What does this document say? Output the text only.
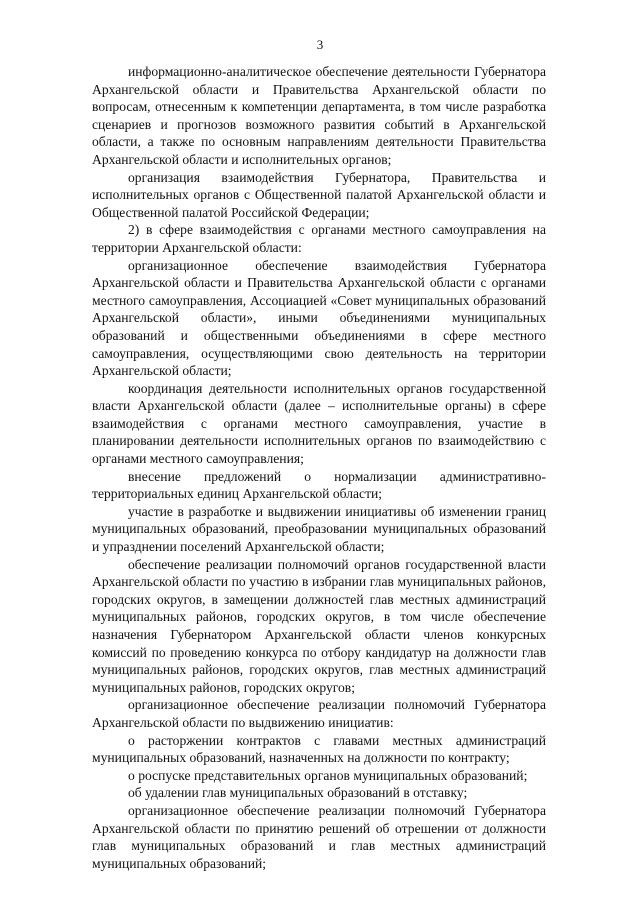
3

информационно-аналитическое обеспечение деятельности Губернатора Архангельской области и Правительства Архангельской области по вопросам, отнесенным к компетенции департамента, в том числе разработка сценариев и прогнозов возможного развития событий в Архангельской области, а также по основным направлениям деятельности Правительства Архангельской области и исполнительных органов;

организация взаимодействия Губернатора, Правительства и исполнительных органов с Общественной палатой Архангельской области и Общественной палатой Российской Федерации;

2) в сфере взаимодействия с органами местного самоуправления на территории Архангельской области:

организационное обеспечение взаимодействия Губернатора Архангельской области и Правительства Архангельской области с органами местного самоуправления, Ассоциацией «Совет муниципальных образований Архангельской области», иными объединениями муниципальных образований и общественными объединениями в сфере местного самоуправления, осуществляющими свою деятельность на территории Архангельской области;

координация деятельности исполнительных органов государственной власти Архангельской области (далее – исполнительные органы) в сфере взаимодействия с органами местного самоуправления, участие в планировании деятельности исполнительных органов по взаимодействию с органами местного самоуправления;

внесение предложений о нормализации административно-территориальных единиц Архангельской области;

участие в разработке и выдвижении инициативы об изменении границ муниципальных образований, преобразовании муниципальных образований и упразднении поселений Архангельской области;

обеспечение реализации полномочий органов государственной власти Архангельской области по участию в избрании глав муниципальных районов, городских округов, в замещении должностей глав местных администраций муниципальных районов, городских округов, в том числе обеспечение назначения Губернатором Архангельской области членов конкурсных комиссий по проведению конкурса по отбору кандидатур на должности глав муниципальных районов, городских округов, глав местных администраций муниципальных районов, городских округов;

организационное обеспечение реализации полномочий Губернатора Архангельской области по выдвижению инициатив:

о расторжении контрактов с главами местных администраций муниципальных образований, назначенных на должности по контракту;

о роспуске представительных органов муниципальных образований;

об удалении глав муниципальных образований в отставку;

организационное обеспечение реализации полномочий Губернатора Архангельской области по принятию решений об отрешении от должности глав муниципальных образований и глав местных администраций муниципальных образований;
